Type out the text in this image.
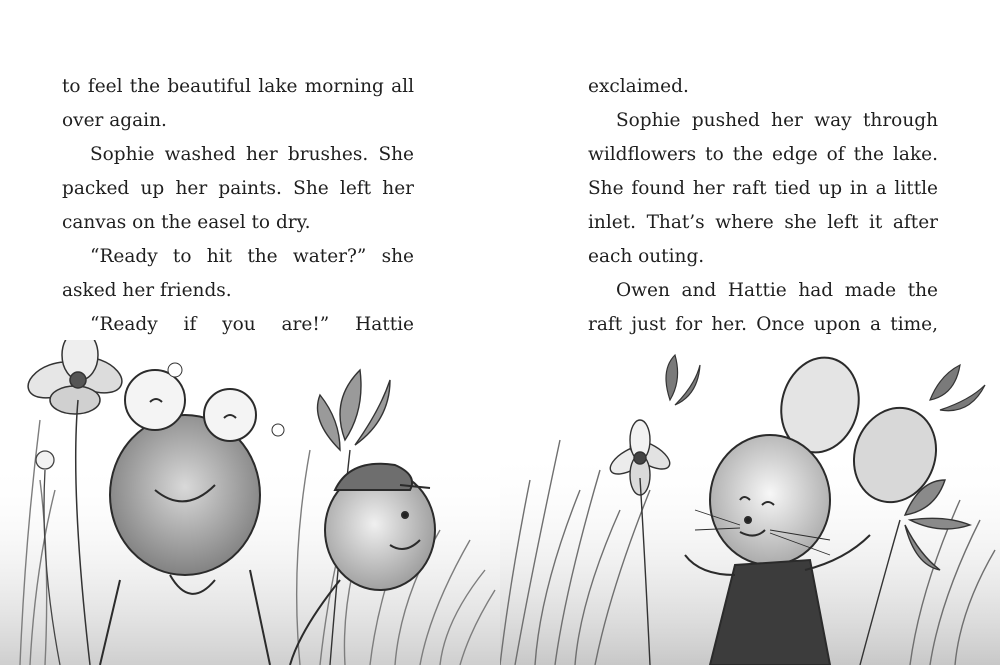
to feel the beautiful lake morning all
over again.
Sophie washed her brushes. She
packed up her paints. She left her
canvas on the easel to dry.
“Ready to hit the water?” she
asked her friends.
“Ready if you are!” Hattie
exclaimed.
Sophie pushed her way through
wildflowers to the edge of the lake.
She found her raft tied up in a little
inlet. That’s where she left it after
each outing.
Owen and Hattie had made the
raft just for her. Once upon a time,
